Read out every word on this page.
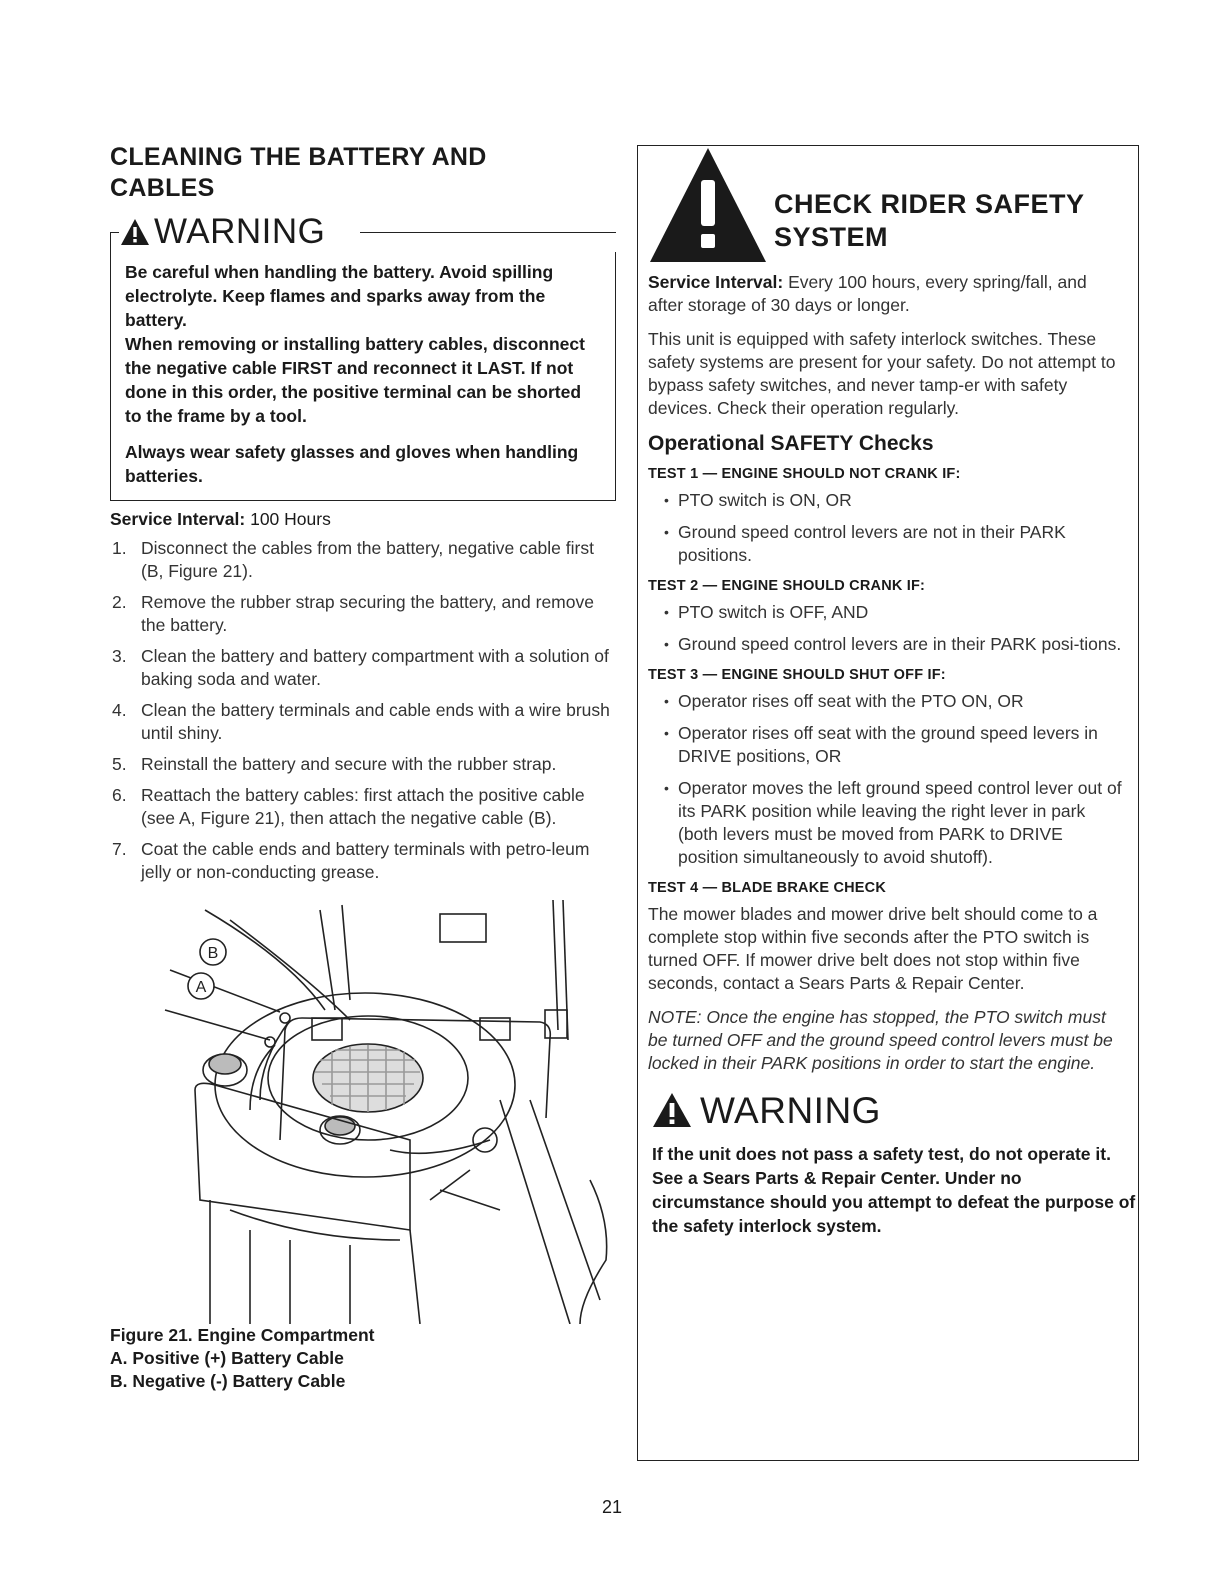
CLEANING THE BATTERY AND
CABLES
WARNING

Be careful when handling the battery. Avoid spilling electrolyte. Keep flames and sparks away from the battery.

When removing or installing battery cables, disconnect the negative cable FIRST and reconnect it LAST. If not done in this order, the positive terminal can be shorted to the frame by a tool.

Always wear safety glasses and gloves when handling batteries.

Service Interval: 100 Hours
1. Disconnect the cables from the battery, negative cable first (B, Figure 21).
2. Remove the rubber strap securing the battery, and remove the battery.
3. Clean the battery and battery compartment with a solution of baking soda and water.
4. Clean the battery terminals and cable ends with a wire brush until shiny.
5. Reinstall the battery and secure with the rubber strap.
6. Reattach the battery cables: first attach the positive cable (see A, Figure 21), then attach the negative cable (B).
7. Coat the cable ends and battery terminals with petro-leum jelly or non-conducting grease.
B
A
Figure 21. Engine Compartment
A. Positive (+) Battery Cable
B. Negative (-) Battery Cable
CHECK RIDER SAFETY
SYSTEM

Service Interval: Every 100 hours, every spring/fall, and after storage of 30 days or longer.

This unit is equipped with safety interlock switches. These safety systems are present for your safety. Do not attempt to bypass safety switches, and never tamp-er with safety devices. Check their operation regularly.

Operational SAFETY Checks
TEST 1 — ENGINE SHOULD NOT CRANK IF:
• PTO switch is ON, OR
• Ground speed control levers are not in their PARK positions.
TEST 2 — ENGINE SHOULD CRANK IF:
• PTO switch is OFF, AND
• Ground speed control levers are in their PARK posi-tions.
TEST 3 — ENGINE SHOULD SHUT OFF IF:
• Operator rises off seat with the PTO ON, OR
• Operator rises off seat with the ground speed levers in DRIVE positions, OR
• Operator moves the left ground speed control lever out of its PARK position while leaving the right lever in park (both levers must be moved from PARK to DRIVE position simultaneously to avoid shutoff).
TEST 4 — BLADE BRAKE CHECK

The mower blades and mower drive belt should come to a complete stop within five seconds after the PTO switch is turned OFF. If mower drive belt does not stop within five seconds, contact a Sears Parts & Repair Center.

NOTE: Once the engine has stopped, the PTO switch must be turned OFF and the ground speed control levers must be locked in their PARK positions in order to start the engine.

WARNING
If the unit does not pass a safety test, do not operate it. See a Sears Parts & Repair Center. Under no circumstance should you attempt to defeat the purpose of the safety interlock system.
21
